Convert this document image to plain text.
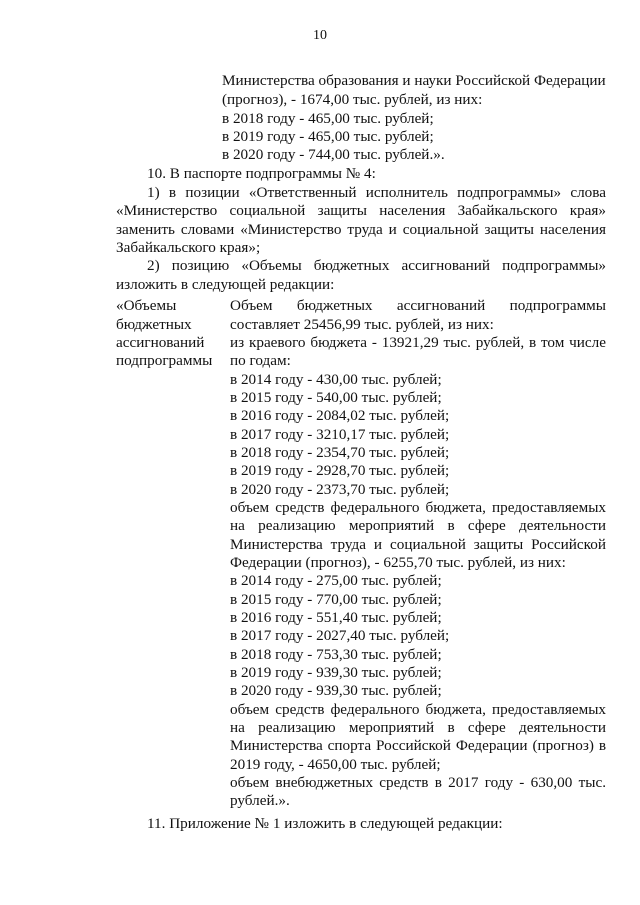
10
Министерства образования и науки Российской Федерации
(прогноз), - 1674,00 тыс. рублей, из них:
в 2018 году - 465,00 тыс. рублей;
в 2019 году - 465,00 тыс. рублей;
в 2020 году - 744,00 тыс. рублей.».
10. В паспорте подпрограммы № 4:
1) в позиции «Ответственный исполнитель подпрограммы» слова
«Министерство социальной защиты населения Забайкальского края»
заменить словами «Министерство труда и социальной защиты населения
Забайкальского края»;
2) позицию «Объемы бюджетных ассигнований подпрограммы»
изложить в следующей редакции:
«Объемы
бюджетных
ассигнований
подпрограммы
Объем бюджетных ассигнований подпрограммы
составляет 25456,99 тыс. рублей, из них:
из краевого бюджета - 13921,29 тыс. рублей, в том числе
по годам:
в 2014 году - 430,00 тыс. рублей;
в 2015 году - 540,00 тыс. рублей;
в 2016 году - 2084,02 тыс. рублей;
в 2017 году - 3210,17 тыс. рублей;
в 2018 году - 2354,70 тыс. рублей;
в 2019 году - 2928,70 тыс. рублей;
в 2020 году - 2373,70 тыс. рублей;
объем средств федерального бюджета, предоставляемых
на реализацию мероприятий в сфере деятельности
Министерства труда и социальной защиты Российской
Федерации (прогноз), - 6255,70 тыс. рублей, из них:
в 2014 году - 275,00 тыс. рублей;
в 2015 году - 770,00 тыс. рублей;
в 2016 году - 551,40 тыс. рублей;
в 2017 году - 2027,40 тыс. рублей;
в 2018 году - 753,30 тыс. рублей;
в 2019 году - 939,30 тыс. рублей;
в 2020 году - 939,30 тыс. рублей;
объем средств федерального бюджета, предоставляемых
на реализацию мероприятий в сфере деятельности
Министерства спорта Российской Федерации (прогноз) в
2019 году, - 4650,00 тыс. рублей;
объем внебюджетных средств в 2017 году - 630,00 тыс.
рублей.».
11. Приложение № 1 изложить в следующей редакции:
